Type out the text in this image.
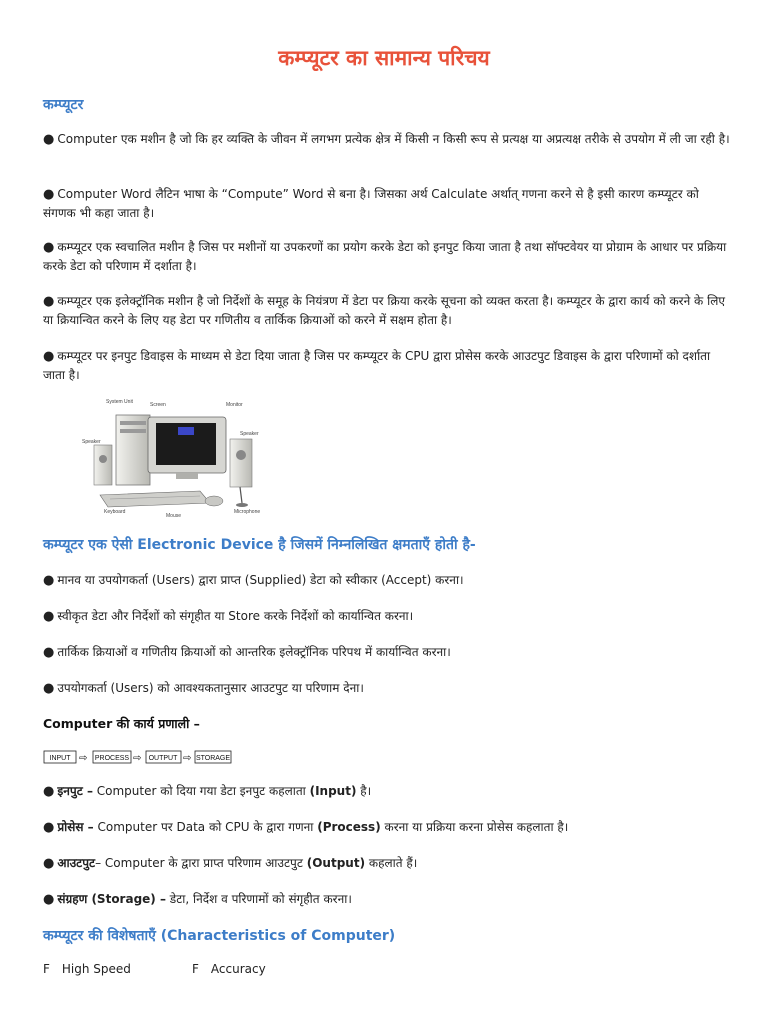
कम्प्यूटर का सामान्य परिचय
कम्प्यूटर
● Computer एक मशीन है जो कि हर व्यक्ति के जीवन में लगभग प्रत्येक क्षेत्र में किसी न किसी रूप से प्रत्यक्ष या अप्रत्यक्ष तरीके से उपयोग में ली जा रही है।
● Computer Word लैटिन भाषा के “Compute” Word से बना है। जिसका अर्थ Calculate अर्थात् गणना करने से है इसी कारण कम्प्यूटर को संगणक भी कहा जाता है।
● कम्प्यूटर एक स्वचालित मशीन है जिस पर मशीनों या उपकरणों का प्रयोग करके डेटा को इनपुट किया जाता है तथा सॉफ्टवेयर या प्रोग्राम के आधार पर प्रक्रिया करके डेटा को परिणाम में दर्शाता है।
● कम्प्यूटर एक इलेक्ट्रॉनिक मशीन है जो निर्देशों के समूह के नियंत्रण में डेटा पर क्रिया करके सूचना को व्यक्त करता है। कम्प्यूटर के द्वारा कार्य को करने के लिए या क्रियान्वित करने के लिए यह डेटा पर गणितीय व तार्किक क्रियाओं को करने में सक्षम होता है।
● कम्प्यूटर पर इनपुट डिवाइस के माध्यम से डेटा दिया जाता है जिस पर कम्प्यूटर के CPU द्वारा प्रोसेस करके आउटपुट डिवाइस के द्वारा परिणामों को दर्शाता जाता है।
System Unit	Screen	Monitor
Speaker
Speaker
Keyboard
Mouse
Microphone
कम्प्यूटर एक ऐसी Electronic Device है जिसमें निम्नलिखित क्षमताएँ होती है-
● मानव या उपयोगकर्ता (Users) द्वारा प्राप्त (Supplied) डेटा को स्वीकार (Accept) करना।
● स्वीकृत डेटा और निर्देशों को संगृहीत या Store करके निर्देशों को कार्यान्वित करना।
● तार्किक क्रियाओं व गणितीय क्रियाओं को आन्तरिक इलेक्ट्रॉनिक परिपथ में कार्यान्वित करना।
● उपयोगकर्ता (Users) को आवश्यकतानुसार आउटपुट या परिणाम देना।
Computer की कार्य प्रणाली –
INPUT ⇨ PROCESS ⇨ OUTPUT ⇨ STORAGE
● इनपुट – Computer को दिया गया डेटा इनपुट कहलाता (Input) है।
● प्रोसेस – Computer पर Data को CPU के द्वारा गणना (Process) करना या प्रक्रिया करना प्रोसेस कहलाता है।
● आउटपुट– Computer के द्वारा प्राप्त परिणाम आउटपुट (Output) कहलाते हैं।
● संग्रहण (Storage) – डेटा, निर्देश व परिणामों को संगृहीत करना।
कम्प्यूटर की विशेषताएँ (Characteristics of Computer)
F High Speed	F Accuracy
